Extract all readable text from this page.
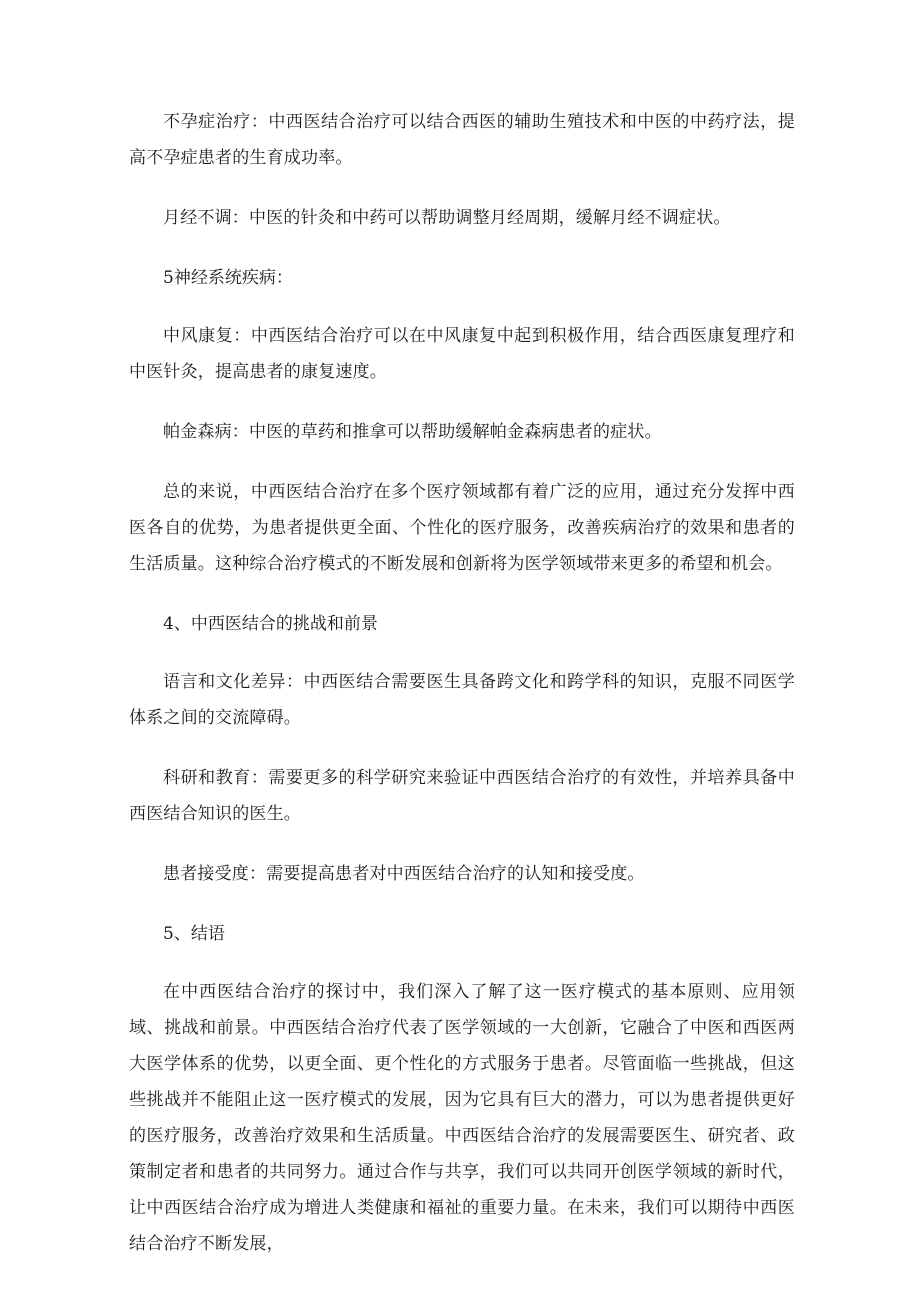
不孕症治疗：中西医结合治疗可以结合西医的辅助生殖技术和中医的中药疗法，提高不孕症患者的生育成功率。

月经不调：中医的针灸和中药可以帮助调整月经周期，缓解月经不调症状。

5神经系统疾病：

中风康复：中西医结合治疗可以在中风康复中起到积极作用，结合西医康复理疗和中医针灸，提高患者的康复速度。

帕金森病：中医的草药和推拿可以帮助缓解帕金森病患者的症状。

总的来说，中西医结合治疗在多个医疗领域都有着广泛的应用，通过充分发挥中西医各自的优势，为患者提供更全面、个性化的医疗服务，改善疾病治疗的效果和患者的生活质量。这种综合治疗模式的不断发展和创新将为医学领域带来更多的希望和机会。

4、中西医结合的挑战和前景

语言和文化差异：中西医结合需要医生具备跨文化和跨学科的知识，克服不同医学体系之间的交流障碍。

科研和教育：需要更多的科学研究来验证中西医结合治疗的有效性，并培养具备中西医结合知识的医生。

患者接受度：需要提高患者对中西医结合治疗的认知和接受度。

5、结语

在中西医结合治疗的探讨中，我们深入了解了这一医疗模式的基本原则、应用领域、挑战和前景。中西医结合治疗代表了医学领域的一大创新，它融合了中医和西医两大医学体系的优势，以更全面、更个性化的方式服务于患者。尽管面临一些挑战，但这些挑战并不能阻止这一医疗模式的发展，因为它具有巨大的潜力，可以为患者提供更好的医疗服务，改善治疗效果和生活质量。中西医结合治疗的发展需要医生、研究者、政策制定者和患者的共同努力。通过合作与共享，我们可以共同开创医学领域的新时代，让中西医结合治疗成为增进人类健康和福祉的重要力量。在未来，我们可以期待中西医结合治疗不断发展，
